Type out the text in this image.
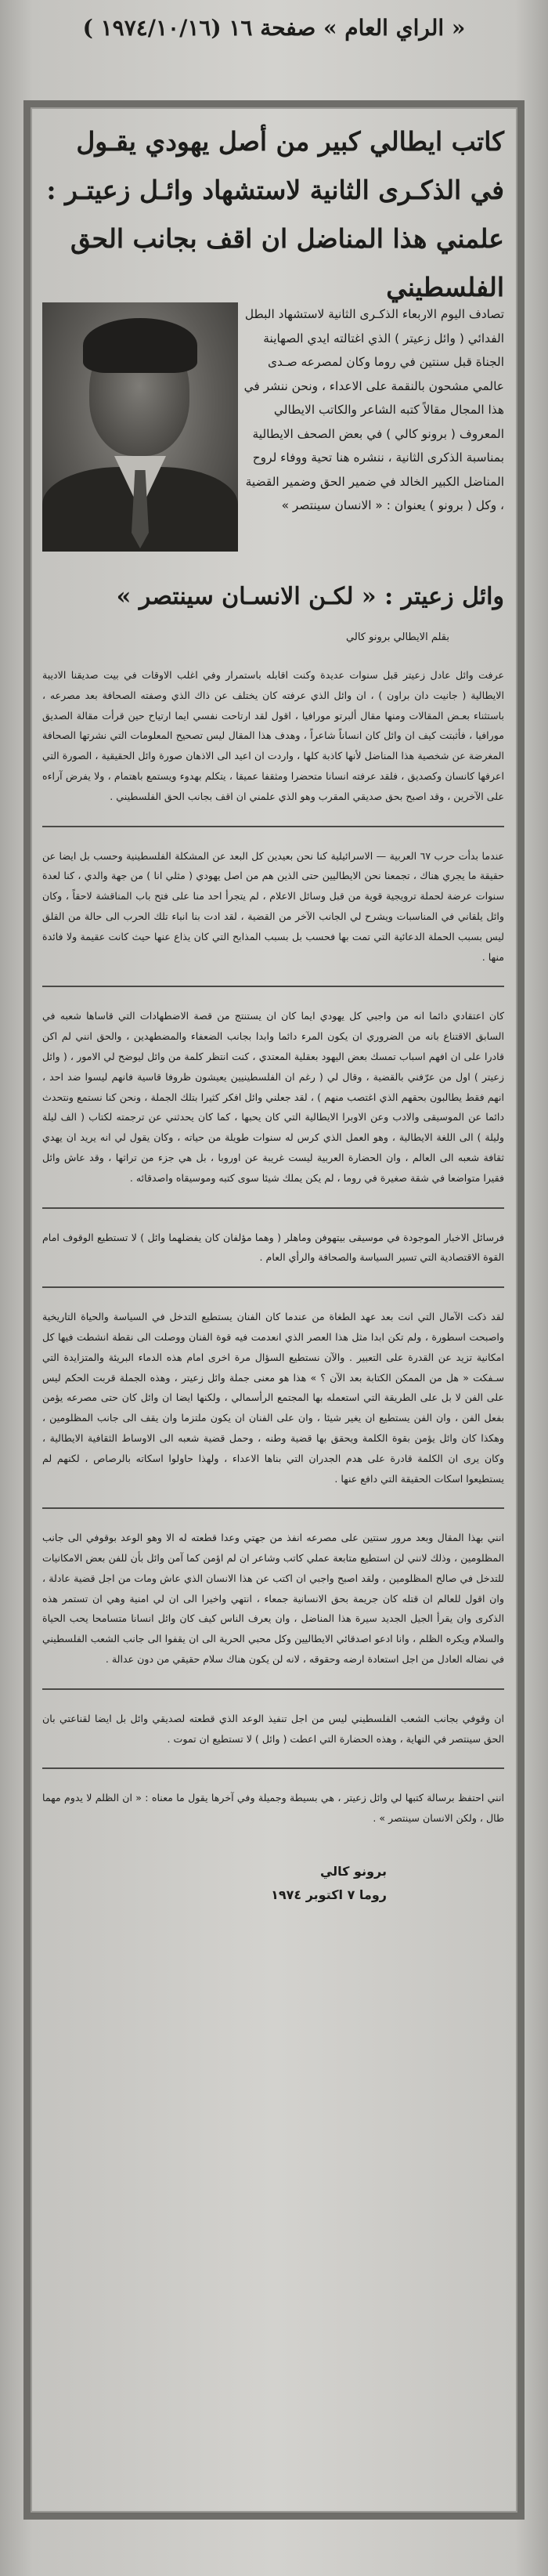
« الراي العام » صفحة ١٦ (١٩٧٤/١٠/١٦ )
كاتب ايطالي كبير من أصل يهودي يقـول
في الذكـرى الثانية لاستشهاد وائـل زعيتـر :
علمني هذا المناضل ان اقف بجانب الحق الفلسطيني
تصادف اليوم الاربعاء الذكـرى الثانية لاستشهاد البطل الفدائي ( وائل زعيتر ) الذي اغتالته ايدي الصهاينة الجناة قبل سنتين في روما وكان لمصرعه صـدى عالمي مشحون بالنقمة على الاعداء ، ونحن ننشر في هذا المجال مقالاً كتبه الشاعر والكاتب الايطالي المعروف ( برونو كالي ) في بعض الصحف الايطالية بمناسبة الذكرى الثانية ، ننشره هنا تحية ووفاء لروح المناضل الكبير الخالد في ضمير الحق وضمير القضية ، وكل ( برونو ) يعنوان : « الانسان سينتصر »
وائل زعيتر : « لكـن الانسـان سينتصر »
بقلم الايطالي برونو كالي

عرفت وائل عادل زعيتر قبل سنوات عديدة وكنت اقابله باستمرار وفي اغلب الاوقات في بيت صديقنا الاديبة الايطالية ( جانيت دان براون ) ، ان وائل الذي عرفته كان يختلف عن ذاك الذي وصفته الصحافة بعد مصرعه ، باستثناء بعـض المقالات ومنها مقال ألبرتو مورافيا ، اقول لقد ارتاحت نفسي ايما ارتياح حين قرأت مقالة الصديق مورافيا ، فأثبتت كيف ان وائل كان انساناً شاعراً ، وهدف هذا المقال ليس تصحيح المعلومات التي نشرتها الصحافة المغرضة عن شخصية هذا المناضل لأنها كاذبة كلها ، واردت ان اعيد الى الاذهان صورة وائل الحقيقية ، الصورة التي اعرفها كانسان وكصديق ، فلقد عرفته انسانا متحضرا ومثقفا عميقا ، يتكلم بهدوء ويستمع باهتمام ، ولا يفرض آراءه على الآخرين ، وقد اصبح بحق صديقي المقرب وهو الذي علمني ان اقف بجانب الحق الفلسطيني .

عندما بدأت حرب ٦٧ العربية — الاسرائيلية كنا نحن بعيدين كل البعد عن المشكلة الفلسطينية وحسب بل ايضا عن حقيقة ما يجري هناك ، تجمعنا نحن الايطاليين حتى الذين هم من اصل يهودي ( مثلي انا ) من جهة والدي ، كنا لعدة سنوات عرضة لحملة ترويجية قوية من قبل وسائل الاعلام ، لم يتجرأ احد منا على فتح باب المناقشة لاحقاً ، وكان وائل يلقاني في المناسبات ويشرح لي الجانب الآخر من القضية ، لقد ادت بنا انباء تلك الحرب الى حالة من القلق ليس بسبب الحملة الدعائية التي تمت بها فحسب بل بسبب المذابح التي كان يذاع عنها حيث كانت عقيمة ولا فائدة منها .

كان اعتقادي دائما انه من واجبي كل يهودي ايما كان ان يستنتج من قصة الاضطهادات التي قاساها شعبه في السابق الاقتناع بانه من الضروري ان يكون المرء دائما وابدا بجانب الضعفاء والمضطهدين ، والحق انني لم اكن قادرا على ان افهم اسباب تمسك بعض اليهود بعقلية المعتدي ، كنت انتظر كلمة من وائل ليوضح لي الامور ، ( وائل زعيتر ) اول من عرّفني بالقضية ، وقال لي ( رغم ان الفلسطينيين يعيشون ظروفا قاسية فانهم ليسوا ضد احد ، انهم فقط يطالبون بحقهم الذي اغتصب منهم ) ، لقد جعلني وائل افكر كثيرا بتلك الجملة ، ونحن كنا نستمع ونتحدث دائما عن الموسيقى والادب وعن الاوبرا الايطالية التي كان يحبها ، كما كان يحدثني عن ترجمته لكتاب ( الف ليلة وليلة ) الى اللغة الايطالية ، وهو العمل الذي كرس له سنوات طويلة من حياته ، وكان يقول لي انه يريد ان يهدي ثقافة شعبه الى العالم ، وان الحضارة العربية ليست غريبة عن اوروبا ، بل هي جزء من تراثها ، وقد عاش وائل فقيرا متواضعا في شقة صغيرة في روما ، لم يكن يملك شيئا سوى كتبه وموسيقاه واصدقائه .

فرسائل الاخبار الموجودة في موسيقى بيتهوفن وماهلر ( وهما مؤلفان كان يفضلهما وائل ) لا تستطيع الوقوف امام القوة الاقتصادية التي تسير السياسة والصحافة والرأي العام .

لقد ذكت الآمال التي انت بعد عهد الطغاة من عندما كان الفنان يستطيع التدخل في السياسة والحياة التاريخية واصبحت اسطورة ، ولم تكن ابدا مثل هذا العصر الذي انعدمت فيه قوة الفنان ووصلت الى نقطة انشطت فيها كل امكانية تزيد عن القدرة على التعبير . والآن نستطيع السؤال مرة اخرى امام هذه الدماء البريئة والمتزايدة التي سـفكت « هل من الممكن الكتابة بعد الآن ؟ » هذا هو معنى جملة وائل زعيتر ، وهذه الجملة قربت الحكم ليس على الفن لا بل على الطريقة التي استعمله بها المجتمع الرأسمالي ، ولكنها ايضا ان وائل كان حتى مصرعه يؤمن بفعل الفن ، وان الفن يستطيع ان يغير شيئا ، وان على الفنان ان يكون ملتزما وان يقف الى جانب المظلومين ، وهكذا كان وائل يؤمن بقوة الكلمة ويحقق بها قضية وطنه ، وحمل قضية شعبه الى الاوساط الثقافية الايطالية ، وكان يرى ان الكلمة قادرة على هدم الجدران التي بناها الاعداء ، ولهذا حاولوا اسكاته بالرصاص ، لكنهم لم يستطيعوا اسكات الحقيقة التي دافع عنها .

انني بهذا المقال وبعد مرور سنتين على مصرعه انفذ من جهتي وعدا قطعته له الا وهو الوعد بوقوفي الى جانب المظلومين ، وذلك لانني لن استطيع متابعة عملي كاتب وشاعر ان لم اؤمن كما آمن وائل بأن للفن بعض الامكانيات للتدخل في صالح المظلومين ، ولقد اصبح واجبي ان اكتب عن هذا الانسان الذي عاش ومات من اجل قضية عادلة ، وان اقول للعالم ان قتله كان جريمة بحق الانسانية جمعاء ، انتهي واخيرا الى ان لي امنية وهي ان تستمر هذه الذكرى وان يقرأ الجيل الجديد سيرة هذا المناضل ، وان يعرف الناس كيف كان وائل انسانا متسامحا يحب الحياة والسلام ويكره الظلم ، وانا ادعو اصدقائي الايطاليين وكل محبي الحرية الى ان يقفوا الى جانب الشعب الفلسطيني في نضاله العادل من اجل استعادة ارضه وحقوقه ، لانه لن يكون هناك سلام حقيقي من دون عدالة .

ان وقوفي بجانب الشعب الفلسطيني ليس من اجل تنفيذ الوعد الذي قطعته لصديقي وائل بل ايضا لقناعتي بان الحق سينتصر في النهاية ، وهذه الحضارة التي اعطت ( وائل ) لا تستطيع ان تموت .

انني احتفظ برسالة كتبها لي وائل زعيتر ، هي بسيطة وجميلة وفي آخرها يقول ما معناه : « ان الظلم لا يدوم مهما طال ، ولكن الانسان سينتصر » .

برونو كالي
روما ٧ اكتوبر ١٩٧٤
